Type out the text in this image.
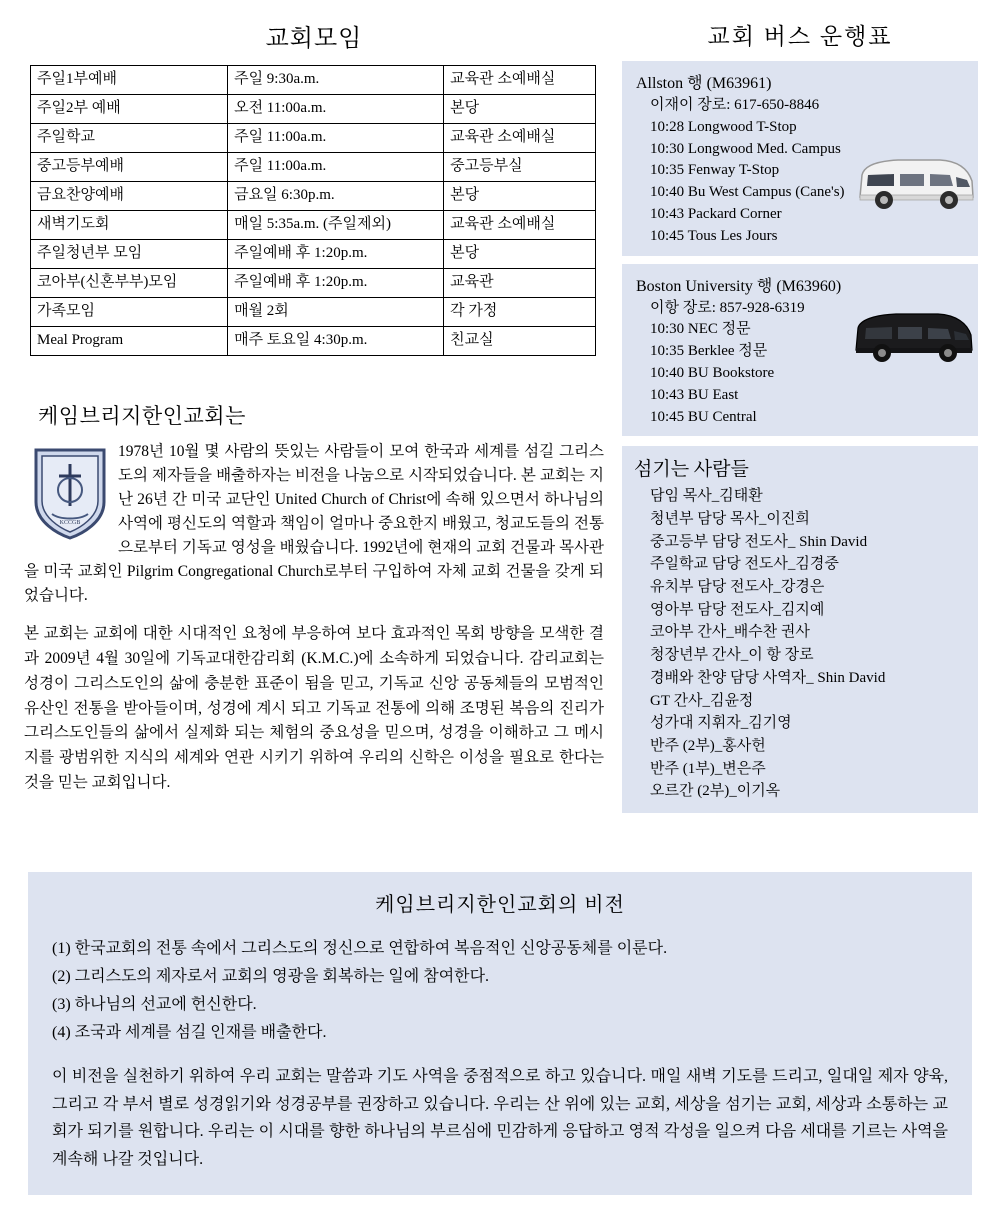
교회모임
주일1부예배	주일 9:30a.m.	교육관 소예배실
주일2부 예배	오전 11:00a.m.	본당
주일학교	주일 11:00a.m.	교육관 소예배실
중고등부예배	주일 11:00a.m.	중고등부실
금요찬양예배	금요일 6:30p.m.	본당
새벽기도회	매일 5:35a.m. (주일제외)	교육관 소예배실
주일청년부 모임	주일예배 후 1:20p.m.	본당
코아부(신혼부부)모임	주일예배 후 1:20p.m.	교육관
가족모임	매월 2회	각 가정
Meal Program	매주 토요일 4:30p.m.	친교실
케임브리지한인교회는
KCCGB
1978년 10월 몇 사람의 뜻있는 사람들이 모여 한국과 세계를 섬길 그리스도의 제자들을 배출하자는 비전을 나눔으로 시작되었습니다. 본 교회는 지난 26년 간 미국 교단인 United Church of Christ에 속해 있으면서 하나님의 사역에 평신도의 역할과 책임이 얼마나 중요한지 배웠고, 청교도들의 전통으로부터 기독교 영성을 배웠습니다. 1992년에 현재의 교회 건물과 목사관을 미국 교회인 Pilgrim Congregational Church로부터 구입하여 자체 교회 건물을 갖게 되었습니다.
본 교회는 교회에 대한 시대적인 요청에 부응하여 보다 효과적인 목회 방향을 모색한 결과 2009년 4월 30일에 기독교대한감리회 (K.M.C.)에 소속하게 되었습니다. 감리교회는 성경이 그리스도인의 삶에 충분한 표준이 됨을 믿고, 기독교 신앙 공동체들의 모범적인 유산인 전통을 받아들이며, 성경에 계시 되고 기독교 전통에 의해 조명된 복음의 진리가 그리스도인들의 삶에서 실제화 되는 체험의 중요성을 믿으며, 성경을 이해하고 그 메시지를 광범위한 지식의 세계와 연관 시키기 위하여 우리의 신학은 이성을 필요로 한다는 것을 믿는 교회입니다.
교회 버스 운행표
Allston 행 (M63961)
이재이 장로: 617-650-8846
10:28 Longwood T-Stop
10:30 Longwood Med. Campus
10:35 Fenway T-Stop
10:40 Bu West Campus (Cane's)
10:43 Packard Corner
10:45 Tous Les Jours
Boston University 행 (M63960)
이항 장로: 857-928-6319
10:30 NEC 정문
10:35 Berklee 정문
10:40 BU Bookstore
10:43 BU East
10:45 BU Central
섬기는 사람들
담임 목사_김태환
청년부 담당 목사_이진희
중고등부 담당 전도사_ Shin David
주일학교 담당 전도사_김경중
유치부 담당 전도사_강경은
영아부 담당 전도사_김지예
코아부 간사_배수찬 권사
청장년부 간사_이 항 장로
경배와 찬양 담당 사역자_ Shin David
GT 간사_김윤정
성가대 지휘자_김기영
반주 (2부)_홍사헌
반주 (1부)_변은주
오르간 (2부)_이기옥
케임브리지한인교회의 비전
(1) 한국교회의 전통 속에서 그리스도의 정신으로 연합하여 복음적인 신앙공동체를 이룬다.
(2) 그리스도의 제자로서 교회의 영광을 회복하는 일에 참여한다.
(3) 하나님의 선교에 헌신한다.
(4) 조국과 세계를 섬길 인재를 배출한다.
이 비전을 실천하기 위하여 우리 교회는 말씀과 기도 사역을 중점적으로 하고 있습니다. 매일 새벽 기도를 드리고, 일대일 제자 양육, 그리고 각 부서 별로 성경읽기와 성경공부를 권장하고 있습니다. 우리는 산 위에 있는 교회, 세상을 섬기는 교회, 세상과 소통하는 교회가 되기를 원합니다. 우리는 이 시대를 향한 하나님의 부르심에 민감하게 응답하고 영적 각성을 일으켜 다음 세대를 기르는 사역을 계속해 나갈 것입니다.
